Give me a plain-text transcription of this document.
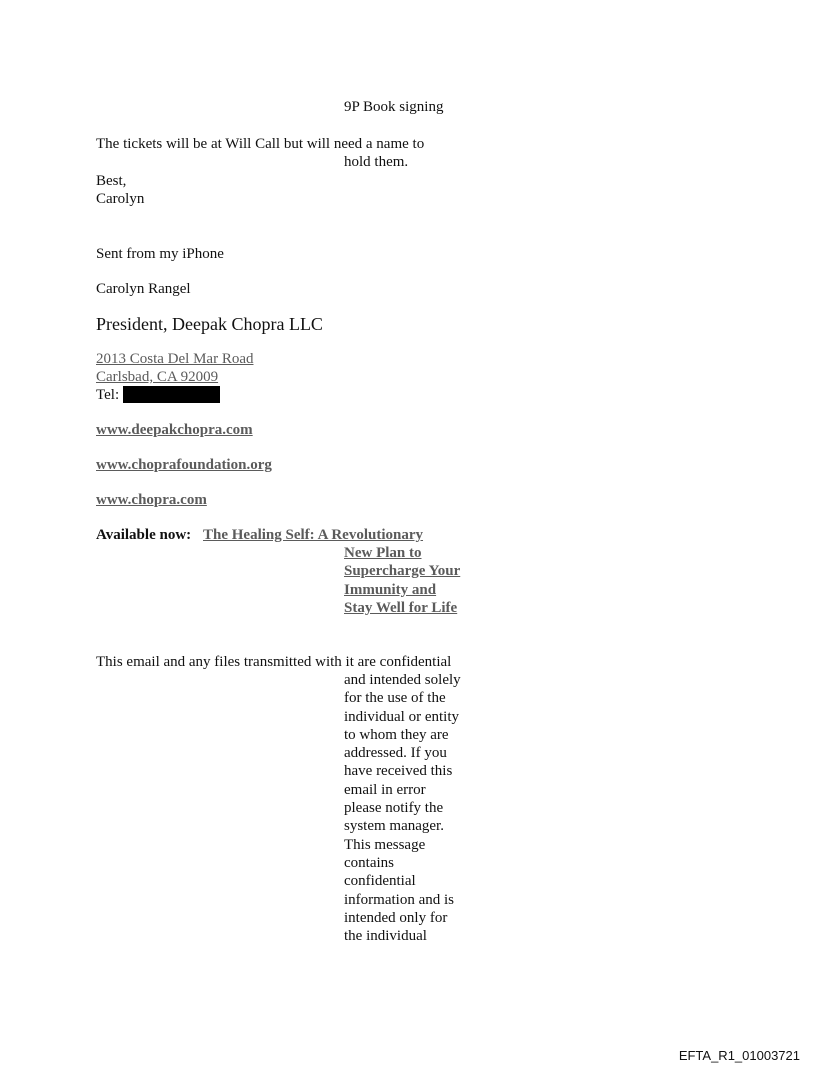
9P Book signing
The tickets will be at Will Call but will need a name to
hold them.
Best,
Carolyn
Sent from my iPhone
Carolyn Rangel
President, Deepak Chopra LLC
2013 Costa Del Mar Road
Carlsbad, CA 92009
Tel:
www.deepakchopra.com
www.choprafoundation.org
www.chopra.com
Available now: The Healing Self: A Revolutionary
New Plan to
Supercharge Your
Immunity and
Stay Well for Life
This email and any files transmitted with it are confidential
and intended solely
for the use of the
individual or entity
to whom they are
addressed. If you
have received this
email in error
please notify the
system manager.
This message
contains
confidential
information and is
intended only for
the individual
EFTA_R1_01003721
